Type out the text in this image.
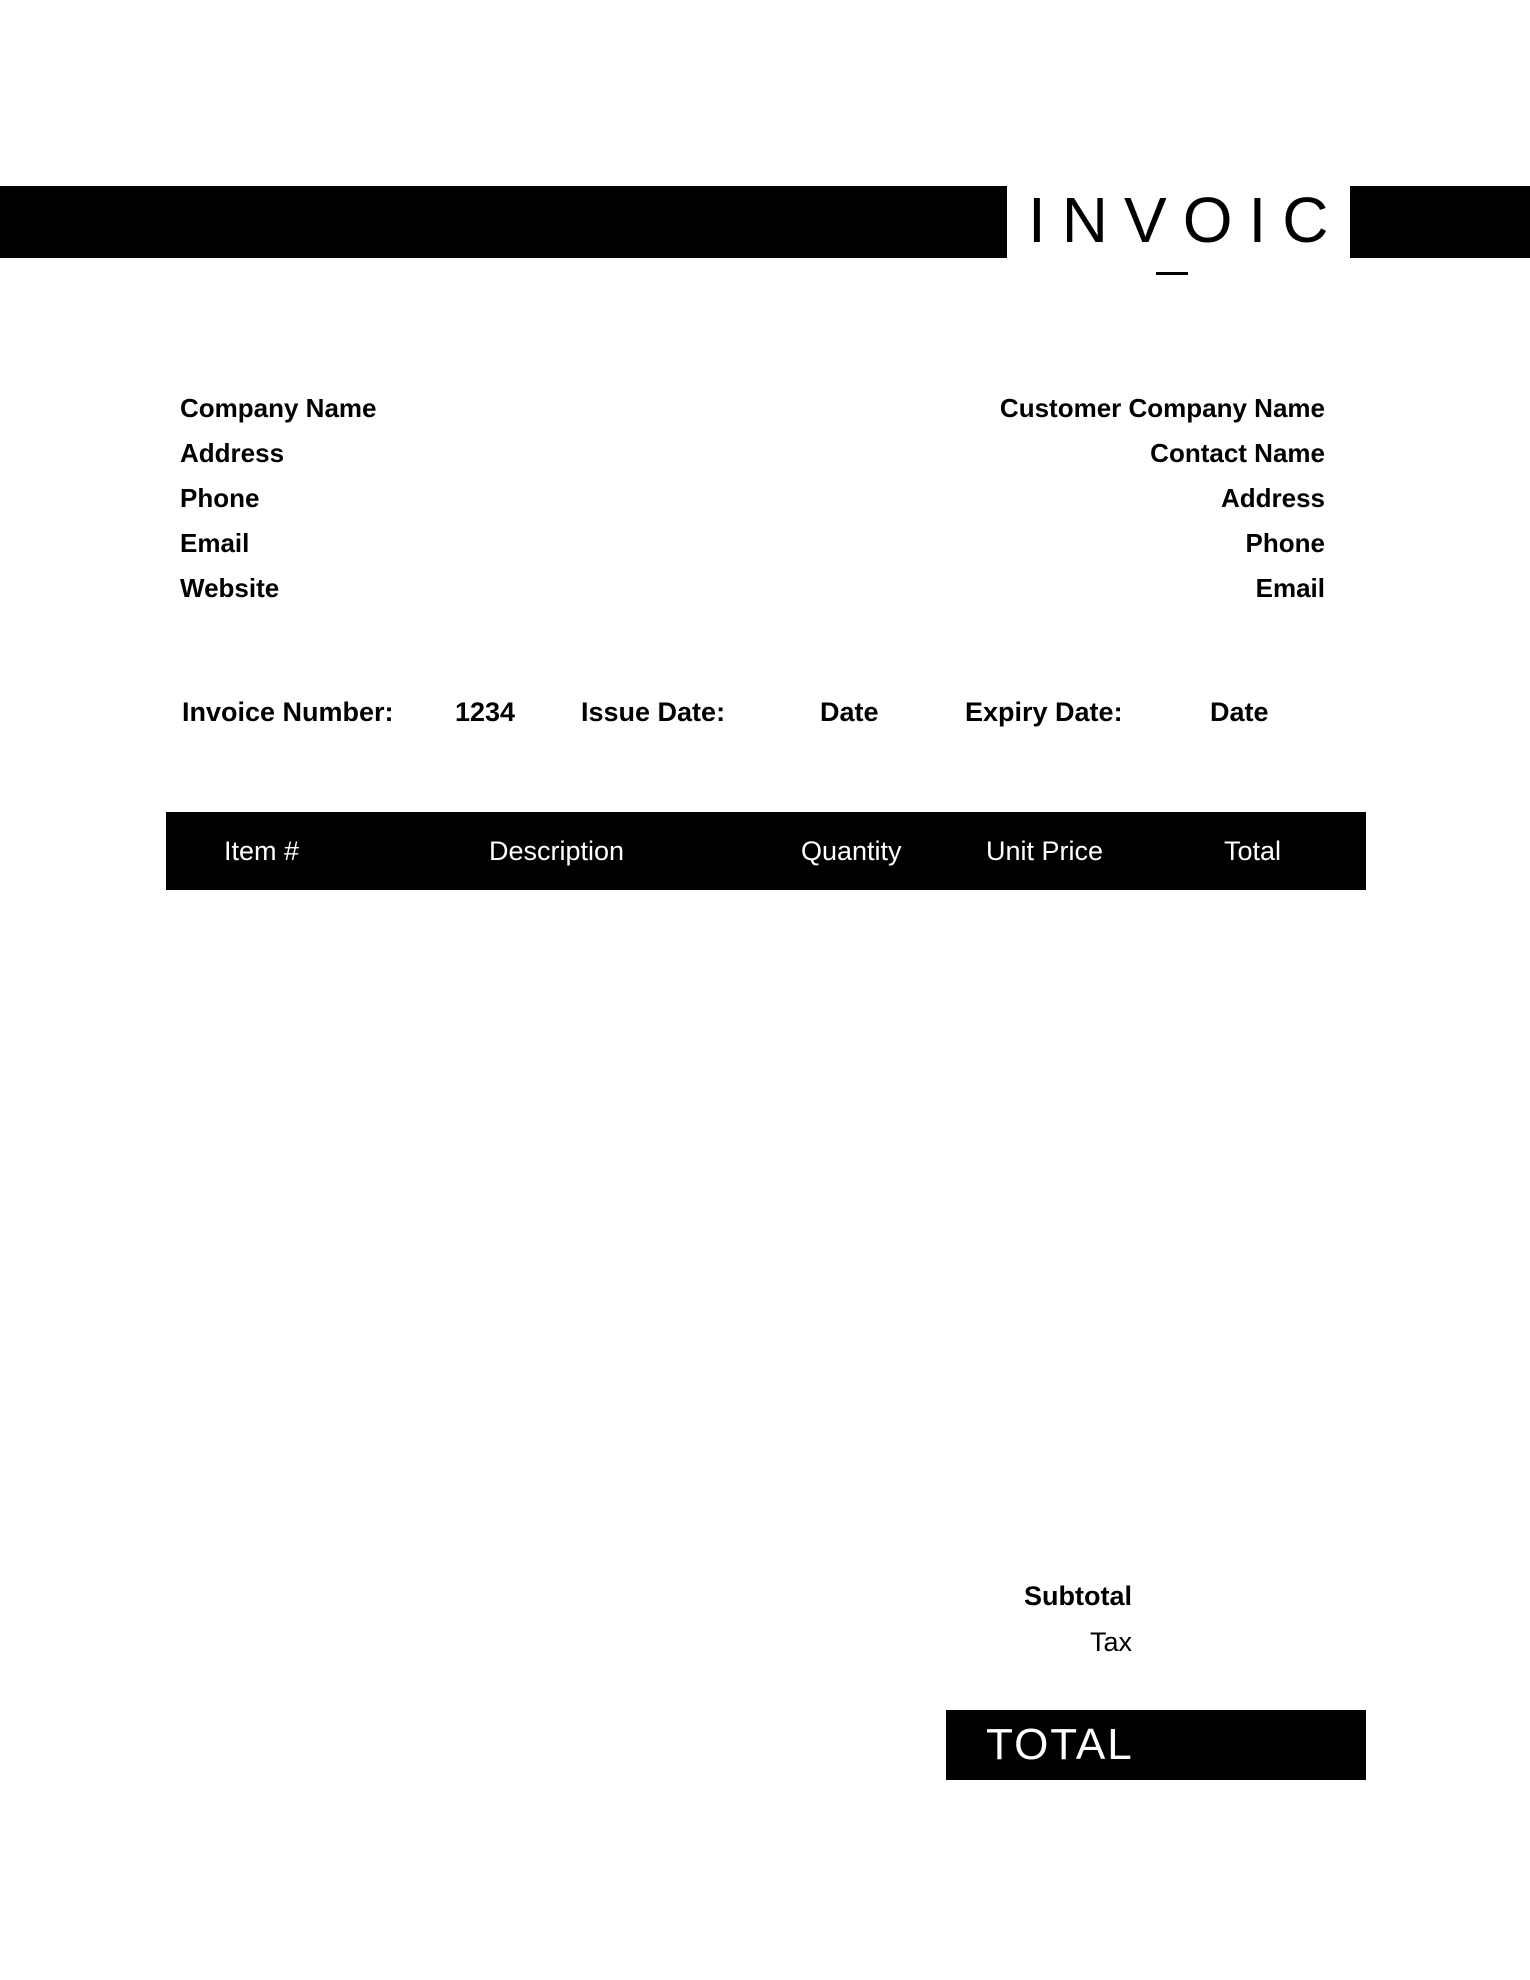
INVOIC
Company Name
Address
Phone
Email
Website
Customer Company Name
Contact Name
Address
Phone
Email
Invoice Number: 1234 Issue Date:	Date	Expiry Date:	Date
Item #	Description	Quantity	Unit Price	Total
Subtotal
Tax
TOTAL
